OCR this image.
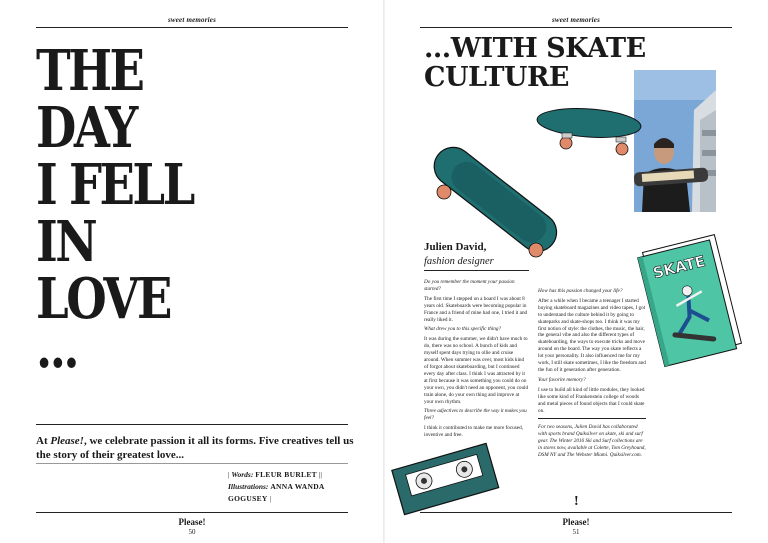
sweet memories
THE
DAY
I FELL
IN
LOVE
...
At Please!, we celebrate passion it all its forms. Five creatives tell us the story of their greatest love...
| Words: FLEUR BURLET || Illustrations: ANNA WANDA GOGUSEY |
Please!
50
sweet memories
...WITH SKATE
CULTURE
SKATE
Julien David,
fashion designer

Do you remember the moment your passion started?

The first time I stepped on a board I was about 8 years old. Skateboards were becoming popular in France and a friend of mine had one, I tried it and really liked it.

What drew you to this specific thing?

It was during the summer, we didn't have much to do, there was no school. A bunch of kids and myself spent days trying to ollie and cruise around. When summer was over, most kids kind of forgot about skateboarding, but I continued every day after class. I think I was attracted by it at first because it was something you could do on your own, you didn't need an opponent, you could train alone, do your own thing and improve at your own rhythm.

Three adjectives to describe the way it makes you feel?

I think it contributed to make me more focused, inventive and free.

How has this passion changed your life?

After a while when I became a teenager I started buying skateboard magazines and video tapes, I got to understand the culture behind it by going to skateparks and skate-shops too. I think it was my first notion of style: the clothes, the music, the hair, the general vibe and also the different types of skateboarding, the ways to execute tricks and move around on the board. The way you skate reflects a lot your personality. It also influenced me for my work, I still skate sometimes, I like the freedom and the fun of it generation after generation.

Your favorite memory?

I use to build all kind of little modules, they looked like some kind of Frankenstein college of woods and metal pieces of found objects that I could skate on.

For two seasons, Julien David has collaborated with sports brand Quiksilver on skate, ski and surf gear. The Winter 2016 Ski and Surf collections are in stores now, available at Colette, Tom Greyhound, DSM NY and The Webster Miami. Quiksilver.com.

!
Please!
51
